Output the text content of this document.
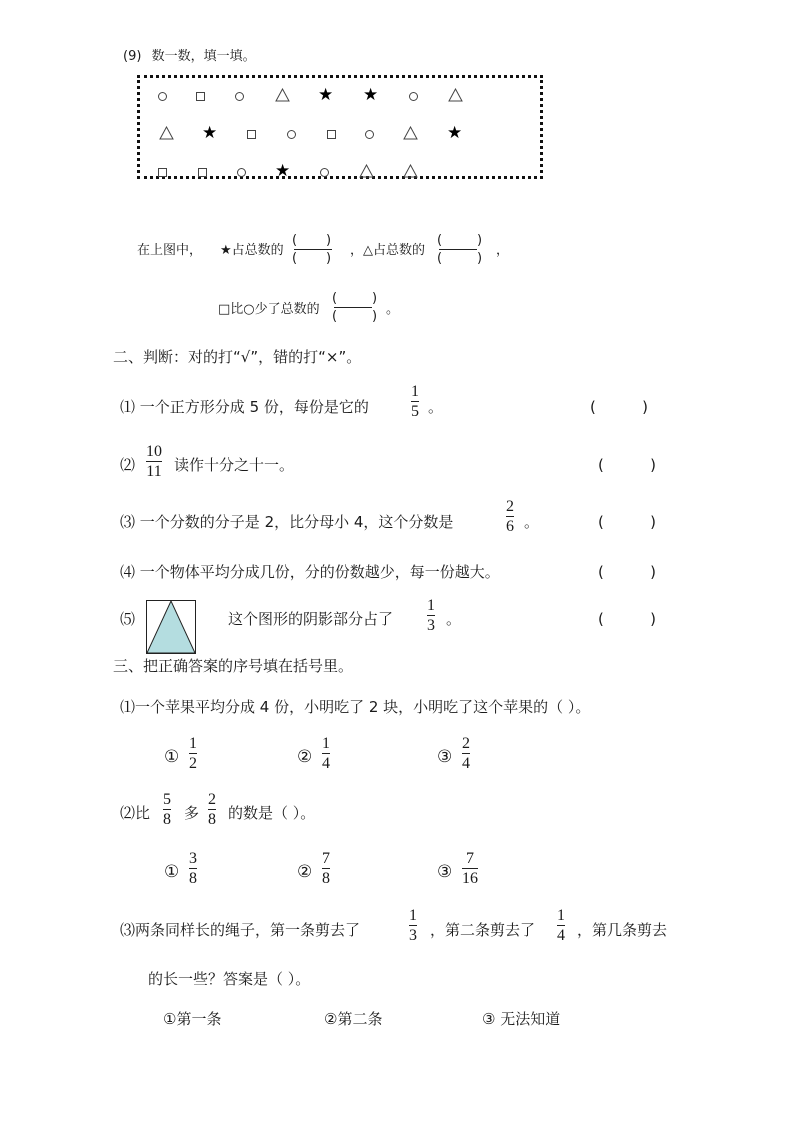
(9) 数一数，填一填。
★ ★
★	★
★
在上图中， ★占总数的
( )
( )
，△占总数的
(	)
(	)
，
□比○少了总数的
(	)
(	) 。
二、判断：对的打“√”，错的打“×”。
⑴ 一个正方形分成 5 份，每份是它的
1
5 。	(	)
⑵
10
11 读作十分之十一。	(	)
⑶ 一个分数的分子是 2，比分母小 4，这个分数是
2
6 。	(	)
⑷ 一个物体平均分成几份，分的份数越少，每一份越大。	(	)
⑸	这个图形的阴影部分占了
1
3 。	(	)
三、把正确答案的序号填在括号里。
⑴一个苹果平均分成 4 份，小明吃了 2 块，小明吃了这个苹果的（ ）。
①
1
2	②
1
4	③
2
4
⑵比
5
8 多
2
8 的数是（ ）。
①
3
8	②
7
8	③
7
16
⑶两条同样长的绳子，第一条剪去了
1
3 ，第二条剪去了
1
4 ，第几条剪去
的长一些？答案是（ ）。
①第一条	②第二条	③ 无法知道
